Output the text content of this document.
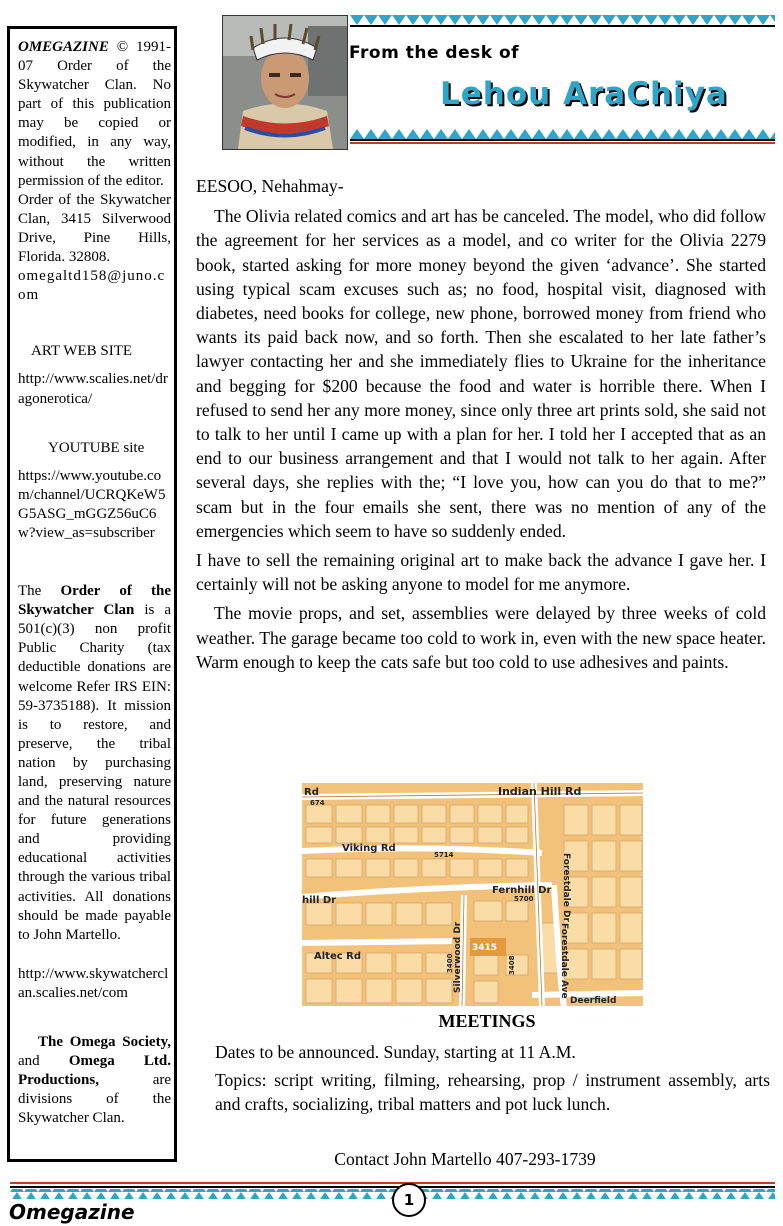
OMEGAZINE © 1991-07 Order of the Skywatcher Clan. No part of this publication may be copied or modified, in any way, without the written permission of the editor.

Order of the Skywatcher Clan, 3415 Silverwood Drive, Pine Hills, Florida. 32808.

omegaltd158@juno.com

ART WEB SITE

http://www.scalies.net/dragonerotica/

YOUTUBE site

https://www.youtube.com/channel/UCRQKeW5G5ASG_mGGZ56uC6w?view_as=subscriber

The Order of the Skywatcher Clan is a 501(c)(3) non profit Public Charity (tax deductible donations are welcome Refer IRS EIN: 59-3735188). It mission is to restore, and preserve, the tribal nation by purchasing land, preserving nature and the natural resources for future generations and providing educational activities through the various tribal activities. All donations should be made payable to John Martello.

http://www.skywatcherclan.scalies.net/com

The Omega Society, and Omega Ltd. Productions, are divisions of the Skywatcher Clan.

From the desk of
Lehou AraChiya

EESOO, Nehahmay-

The Olivia related comics and art has be canceled. The model, who did follow the agreement for her services as a model, and co writer for the Olivia 2279 book, started asking for more money beyond the given ‘advance’. She started using typical scam excuses such as; no food, hospital visit, diagnosed with diabetes, need books for college, new phone, borrowed money from friend who wants its paid back now, and so forth. Then she escalated to her late father’s lawyer contacting her and she immediately flies to Ukraine for the inheritance and begging for $200 because the food and water is horrible there. When I refused to send her any more money, since only three art prints sold, she said not to talk to her until I came up with a plan for her. I told her I accepted that as an end to our business arrangement and that I would not talk to her again. After several days, she replies with the; “I love you, how can you do that to me?” scam but in the four emails she sent, there was no mention of any of the emergencies which seem to have so suddenly ended.

I have to sell the remaining original art to make back the advance I gave her. I certainly will not be asking anyone to model for me anymore.

The movie props, and set, assemblies were delayed by three weeks of cold weather. The garage became too cold to work in, even with the new space heater. Warm enough to keep the cats safe but too cold to use adhesives and paints.

Rd	Indian Hill Rd
Viking Rd
5714
Fernhill Dr
5700
hill Dr
Altec Rd
3415
Deerfield
674
3400	3408
Forestdale Dr
Forestdale Ave
Silverwood Dr
MEETINGS

Dates to be announced. Sunday, starting at 11 A.M.

Topics: script writing, filming, rehearsing, prop / instrument assembly, arts and crafts, socializing, tribal matters and pot luck lunch.

Contact John Martello 407-293-1739
1
Omegazine
